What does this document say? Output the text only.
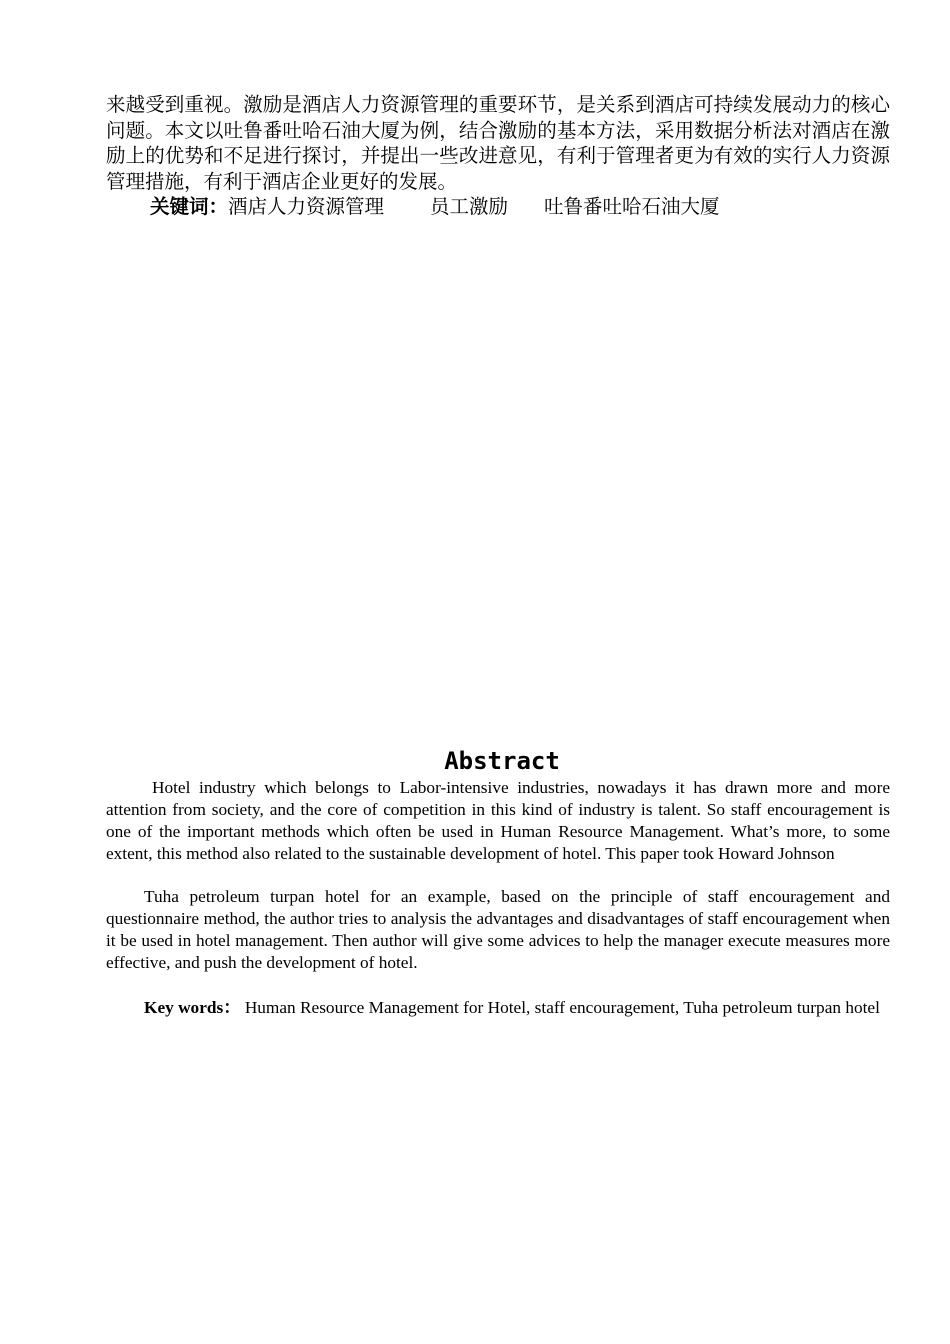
来越受到重视。激励是酒店人力资源管理的重要环节，是关系到酒店可持续发展动力的核心问题。本文以吐鲁番吐哈石油大厦为例，结合激励的基本方法，采用数据分析法对酒店在激励上的优势和不足进行探讨，并提出一些改进意见，有利于管理者更为有效的实行人力资源管理措施，有利于酒店企业更好的发展。

关键词：酒店人力资源管理 员工激励 吐鲁番吐哈石油大厦

Abstract

Hotel industry which belongs to Labor-intensive industries, nowadays it has drawn more and more attention from society, and the core of competition in this kind of industry is talent. So staff encouragement is one of the important methods which often be used in Human Resource Management. What’s more, to some extent, this method also related to the sustainable development of hotel. This paper took Howard Johnson

Tuha petroleum turpan hotel for an example, based on the principle of staff encouragement and questionnaire method, the author tries to analysis the advantages and disadvantages of staff encouragement when it be used in hotel management. Then author will give some advices to help the manager execute measures more effective, and push the development of hotel.

Key words： Human Resource Management for Hotel, staff encouragement, Tuha petroleum turpan hotel
